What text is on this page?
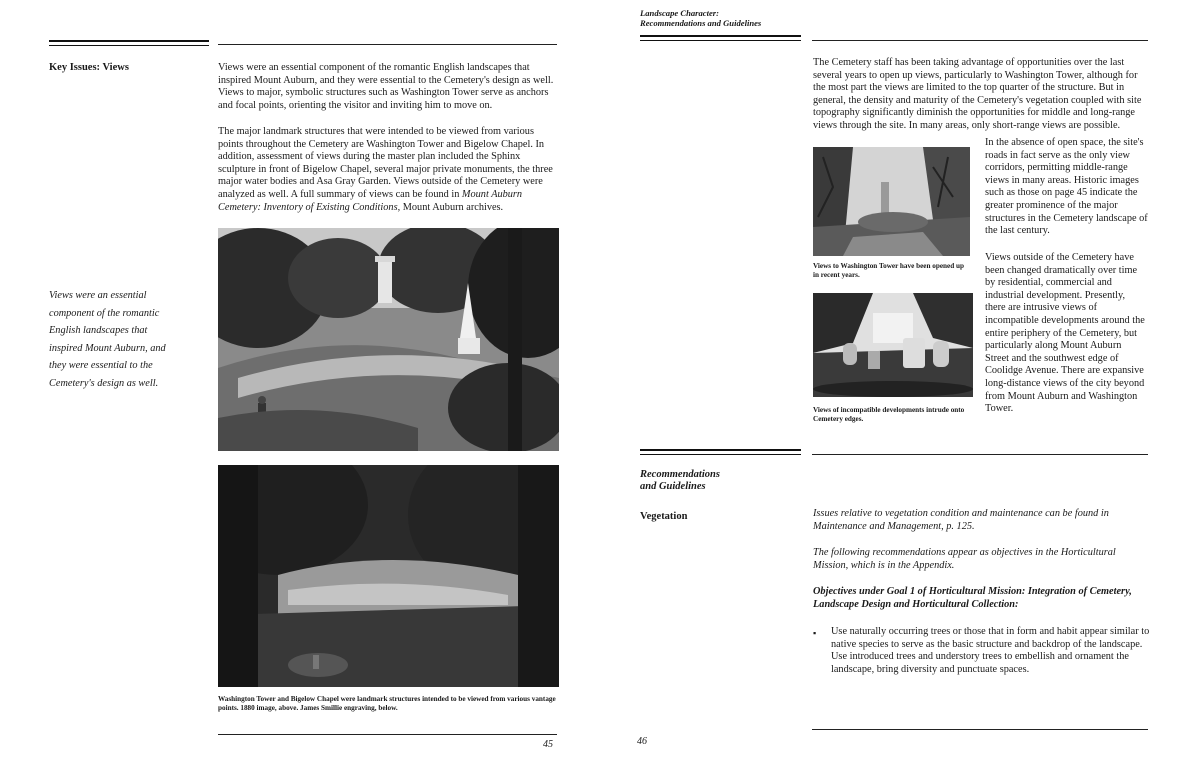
Key Issues: Views	Views were an essential component of the romantic English landscapes that inspired Mount Auburn, and they were essential to the Cemetery's design as well. Views to major, symbolic structures such as Washington Tower serve as anchors and focal points, orienting the visitor and inviting him to move on.

The major landmark structures that were intended to be viewed from various points throughout the Cemetery are Washington Tower and Bigelow Chapel. In addition, assessment of views during the master plan included the Sphinx sculpture in front of Bigelow Chapel, several major private monuments, the three major water bodies and Asa Gray Garden. Views outside of the Cemetery were analyzed as well. A full summary of views can be found in Mount Auburn Cemetery: Inventory of Existing Conditions, Mount Auburn archives.
Views were an essential component of the romantic English landscapes that inspired Mount Auburn, and they were essential to the Cemetery's design as well.
Washington Tower and Bigelow Chapel were landmark structures intended to be viewed from various vantage points. 1880 image, above. James Smillie engraving, below.
45
Landscape Character:
Recommendations and Guidelines
The Cemetery staff has been taking advantage of opportunities over the last several years to open up views, particularly to Washington Tower, although for the most part the views are limited to the top quarter of the structure. But in general, the density and maturity of the Cemetery's vegetation coupled with site topography significantly diminish the opportunities for middle and long-range views through the site. In many areas, only short-range views are possible.
Views to Washington Tower have been opened up in recent years.
Views of incompatible developments intrude onto Cemetery edges.
In the absence of open space, the site's roads in fact serve as the only view corridors, permitting middle-range views in many areas. Historic images such as those on page 45 indicate the greater prominence of the major structures in the Cemetery landscape of the last century.
Views outside of the Cemetery have been changed dramatically over time by residential, commercial and industrial development. Presently, there are intrusive views of incompatible developments around the entire periphery of the Cemetery, but particularly along Mount Auburn Street and the southwest edge of Coolidge Avenue. There are expansive long-distance views of the city beyond from Mount Auburn and Washington Tower.
Recommendations
and Guidelines
Vegetation	Issues relative to vegetation condition and maintenance can be found in Maintenance and Management, p. 125.
The following recommendations appear as objectives in the Horticultural Mission, which is in the Appendix.
Objectives under Goal 1 of Horticultural Mission: Integration of Cemetery, Landscape Design and Horticultural Collection:
▪	Use naturally occurring trees or those that in form and habit appear similar to native species to serve as the basic structure and backdrop of the landscape. Use introduced trees and understory trees to embellish and ornament the landscape, bring diversity and punctuate spaces.
46
